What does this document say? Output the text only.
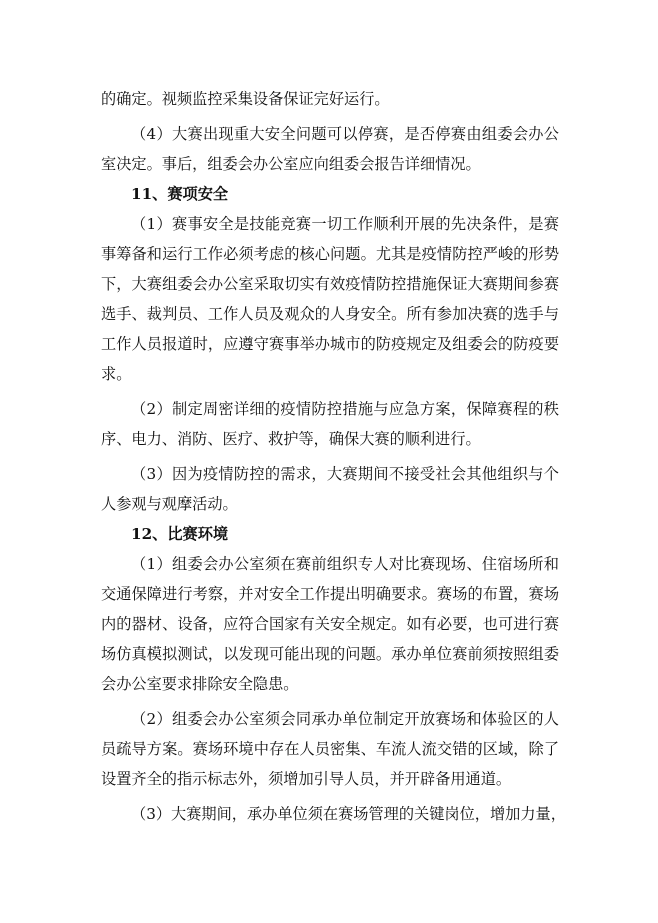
的确定。视频监控采集设备保证完好运行。
（4）大赛出现重大安全问题可以停赛，是否停赛由组委会办公
室决定。事后，组委会办公室应向组委会报告详细情况。
11、赛项安全
（1）赛事安全是技能竞赛一切工作顺利开展的先决条件，是赛
事筹备和运行工作必须考虑的核心问题。尤其是疫情防控严峻的形势
下，大赛组委会办公室采取切实有效疫情防控措施保证大赛期间参赛
选手、裁判员、工作人员及观众的人身安全。所有参加决赛的选手与
工作人员报道时，应遵守赛事举办城市的防疫规定及组委会的防疫要
求。
（2）制定周密详细的疫情防控措施与应急方案，保障赛程的秩
序、电力、消防、医疗、救护等，确保大赛的顺利进行。
（3）因为疫情防控的需求，大赛期间不接受社会其他组织与个
人参观与观摩活动。
12、比赛环境
（1）组委会办公室须在赛前组织专人对比赛现场、住宿场所和
交通保障进行考察，并对安全工作提出明确要求。赛场的布置，赛场
内的器材、设备，应符合国家有关安全规定。如有必要，也可进行赛
场仿真模拟测试，以发现可能出现的问题。承办单位赛前须按照组委
会办公室要求排除安全隐患。
（2）组委会办公室须会同承办单位制定开放赛场和体验区的人
员疏导方案。赛场环境中存在人员密集、车流人流交错的区域，除了
设置齐全的指示标志外，须增加引导人员，并开辟备用通道。
（3）大赛期间，承办单位须在赛场管理的关键岗位，增加力量，
